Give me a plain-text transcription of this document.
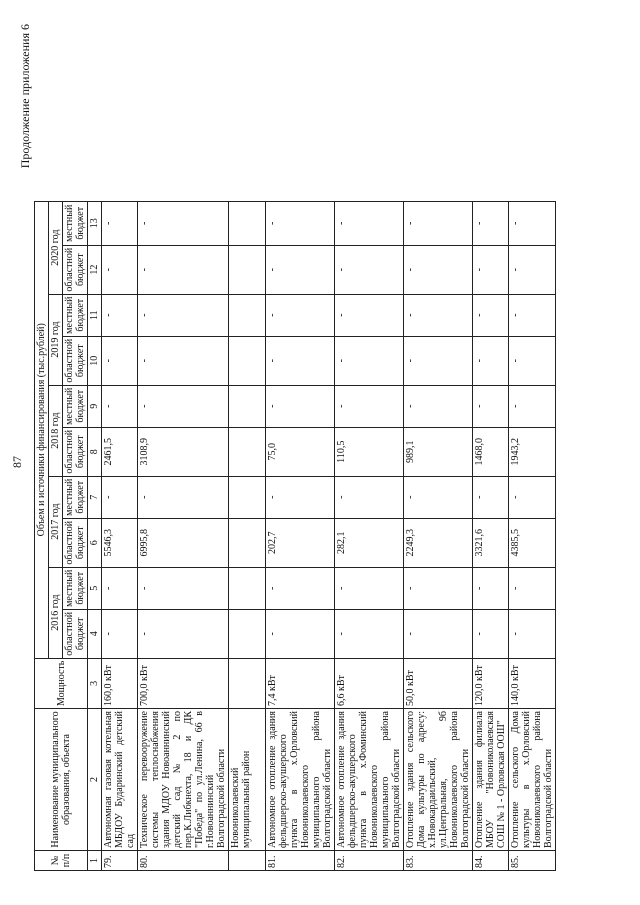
87
Продолжение приложения 6
№ п/п	Наименование муниципального образования, объекта	Мощность	Объем и источники финансирования (тыс.рублей)									
			2016 год		2017 год		2018 год		2019 год		2020 год	
			областной бюджет	местный бюджет	областной бюджет	местный бюджет	областной бюджет	местный бюджет	областной бюджет	местный бюджет	областной бюджет	местный бюджет
1	2	3	4	5	6	7	8	9	10	11	12	13
79.	Автономная газовая котельная МБДОУ Бударинский детский сад	160,0 кВт	-	-	5546,3	-	2461,5	-	-	-	-	-
80.	Техническое перевооружение системы теплоснабжения здания МДОУ Новоаннинский детский сад № 2 по пер.К.Либкнехта, 18 и ДК "Победа" по ул.Ленина, 66 в г.Новоаннинский Волгоградской области	700,0 кВт	-	-	6995,8	-	3108,9	-	-	-	-	-
	Новониколаевский муниципальный район											
81.	Автономное отопление здания фельдшерско-акушерского пункта в х.Орловский Новониколаевского муниципального района Волгоградской области	7,4 кВт	-	-	202,7	-	75,0	-	-	-	-	-
82.	Автономное отопление здания фельдшерско-акушерского пункта в х.Фоминский Новониколаевского муниципального района Волгоградской области	6,6 кВт	-	-	282,1	-	110,5	-	-	-	-	-
83.	Отопление здания сельского Дома культуры по адресу: х.Новокардаильский, ул.Центральная, 9б Новониколаевского района Волгоградской области	50,0 кВт	-	-	2249,3	-	989,1	-	-	-	-	-
84.	Отопление здания филиала МБОУ "Новониколаевская СОШ № 1 - Орловская ООШ"	120,0 кВт	-	-	3321,6	-	1468,0	-	-	-	-	-
85.	Отопление сельского Дома культуры в х.Орловский Новониколаевского района Волгоградской области	140,0 кВт	-	-	4385,5	-	1943,2	-	-	-	-	-
